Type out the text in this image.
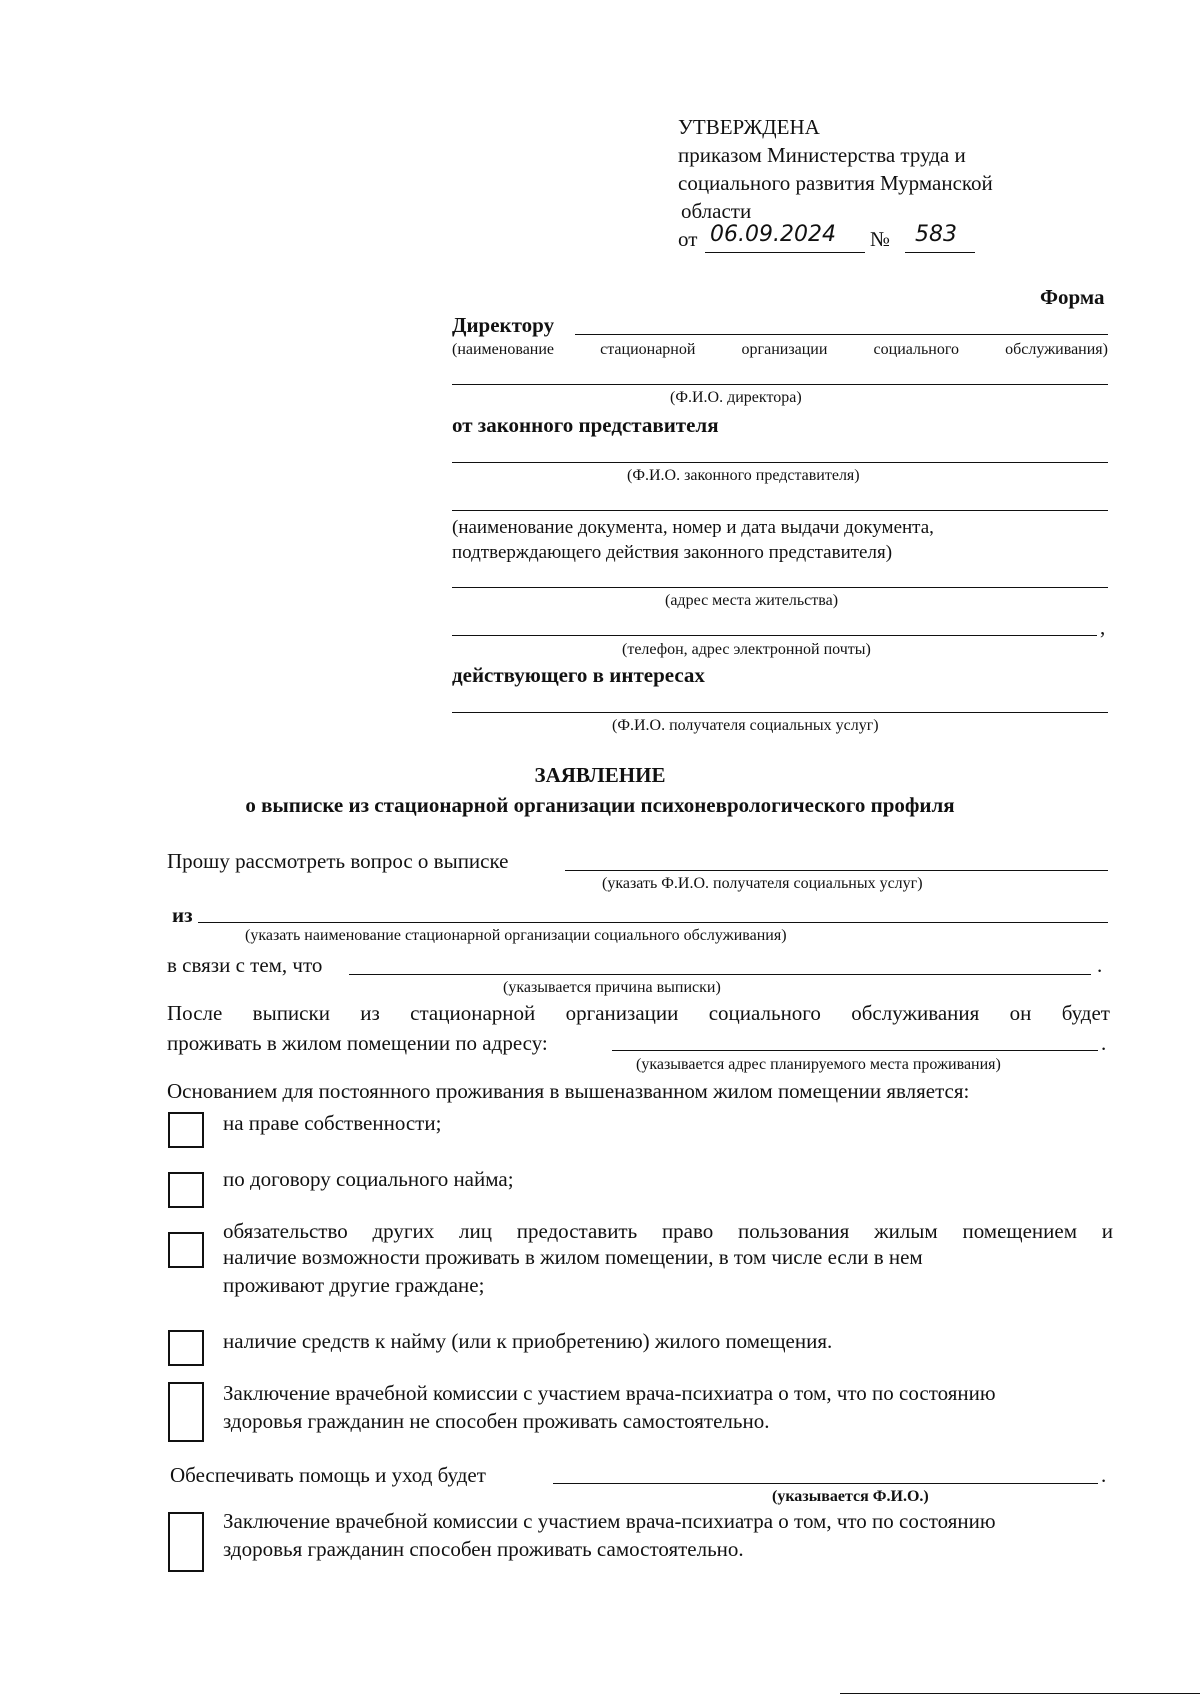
УТВЕРЖДЕНА
приказом Министерства труда и
социального развития Мурманской
области
от 06.09.2024 № 583
Форма
Директору
(наименование стационарной организации социального обслуживания)
(Ф.И.О. директора)
от законного представителя
(Ф.И.О. законного представителя)
(наименование документа, номер и дата выдачи документа,
подтверждающего действия законного представителя)
(адрес места жительства)
,
(телефон, адрес электронной почты)
действующего в интересах
(Ф.И.О. получателя социальных услуг)
ЗАЯВЛЕНИЕ
о выписке из стационарной организации психоневрологического профиля
Прошу рассмотреть вопрос о выписке
(указать Ф.И.О. получателя социальных услуг)
из
(указать наименование стационарной организации социального обслуживания)
в связи с тем, что	.
(указывается причина выписки)
После выписки из стационарной организации социального обслуживания он будет
проживать в жилом помещении по адресу:	.
(указывается адрес планируемого места проживания)
Основанием для постоянного проживания в вышеназванном жилом помещении является:
на праве собственности;
по договору социального найма;
обязательство других лиц предоставить право пользования жилым помещением и
наличие возможности проживать в жилом помещении, в том числе если в нем
проживают другие граждане;
наличие средств к найму (или к приобретению) жилого помещения.
Заключение врачебной комиссии с участием врача-психиатра о том, что по состоянию
здоровья гражданин не способен проживать самостоятельно.
Обеспечивать помощь и уход будет	.
(указывается Ф.И.О.)
Заключение врачебной комиссии с участием врача-психиатра о том, что по состоянию
здоровья гражданин способен проживать самостоятельно.
